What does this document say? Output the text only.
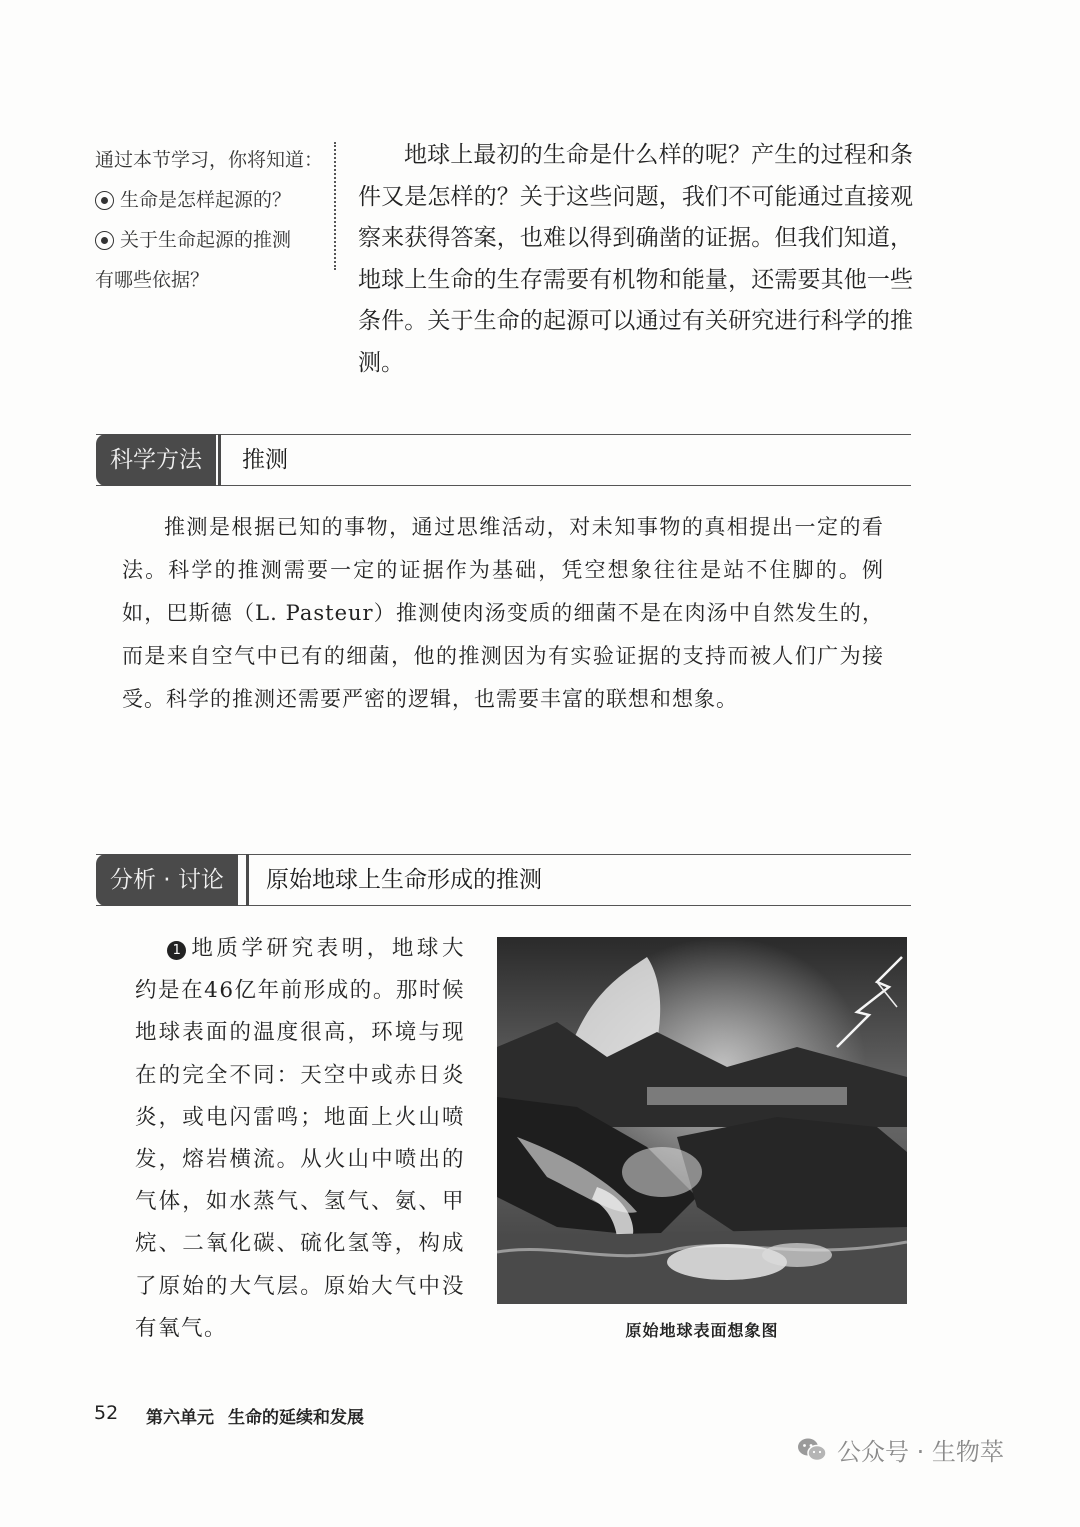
通过本节学习，你将知道：
生命是怎样起源的？
关于生命起源的推测
有哪些依据？

地球上最初的生命是什么样的呢？产生的过程和条件又是怎样的？关于这些问题，我们不可能通过直接观察来获得答案，也难以得到确凿的证据。但我们知道，地球上生命的生存需要有机物和能量，还需要其他一些条件。关于生命的起源可以通过有关研究进行科学的推测。

科学方法	推测

推测是根据已知的事物，通过思维活动，对未知事物的真相提出一定的看法。科学的推测需要一定的证据作为基础，凭空想象往往是站不住脚的。例如，巴斯德（L. Pasteur）推测使肉汤变质的细菌不是在肉汤中自然发生的，而是来自空气中已有的细菌，他的推测因为有实验证据的支持而被人们广为接受。科学的推测还需要严密的逻辑，也需要丰富的联想和想象。

分析 · 讨论	原始地球上生命形成的推测

1 地质学研究表明，地球大约是在46亿年前形成的。那时候地球表面的温度很高，环境与现在的完全不同：天空中或赤日炎炎，或电闪雷鸣；地面上火山喷发，熔岩横流。从火山中喷出的气体，如水蒸气、氢气、氨、甲烷、二氧化碳、硫化氢等，构成了原始的大气层。原始大气中没有氧气。	原始地球表面想象图
52 第六单元 生命的延续和发展
公众号 · 生物萃
